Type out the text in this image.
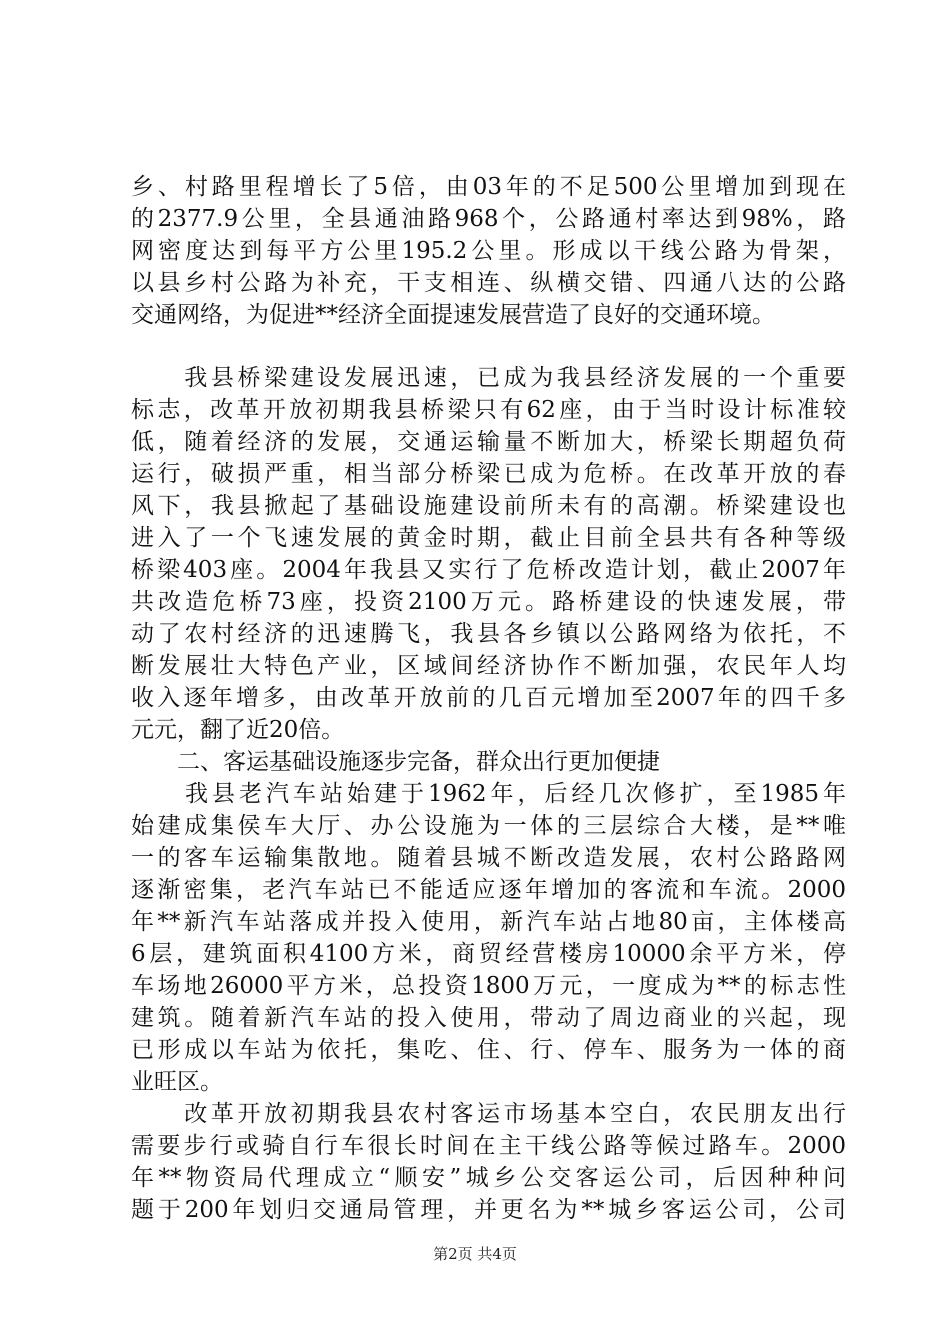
乡、村路里程增长了5倍，由03年的不足500公里增加到现在
的2377.9公里，全县通油路968个，公路通村率达到98%，路
网密度达到每平方公里195.2公里。形成以干线公路为骨架，
以县乡村公路为补充，干支相连、纵横交错、四通八达的公路
交通网络，为促进**经济全面提速发展营造了良好的交通环境。
　　我县桥梁建设发展迅速，已成为我县经济发展的一个重要
标志，改革开放初期我县桥梁只有62座，由于当时设计标准较
低，随着经济的发展，交通运输量不断加大，桥梁长期超负荷
运行，破损严重，相当部分桥梁已成为危桥。在改革开放的春
风下，我县掀起了基础设施建设前所未有的高潮。桥梁建设也
进入了一个飞速发展的黄金时期，截止目前全县共有各种等级
桥梁403座。2004年我县又实行了危桥改造计划，截止2007年
共改造危桥73座，投资2100万元。路桥建设的快速发展，带
动了农村经济的迅速腾飞，我县各乡镇以公路网络为依托，不
断发展壮大特色产业，区域间经济协作不断加强，农民年人均
收入逐年增多，由改革开放前的几百元增加至2007年的四千多
元元，翻了近20倍。
　　二、客运基础设施逐步完备，群众出行更加便捷
　　我县老汽车站始建于1962年，后经几次修扩，至1985年
始建成集侯车大厅、办公设施为一体的三层综合大楼，是**唯
一的客车运输集散地。随着县城不断改造发展，农村公路路网
逐渐密集，老汽车站已不能适应逐年增加的客流和车流。2000
年**新汽车站落成并投入使用，新汽车站占地80亩，主体楼高
6层，建筑面积4100方米，商贸经营楼房10000余平方米，停
车场地26000平方米，总投资1800万元，一度成为**的标志性
建筑。随着新汽车站的投入使用，带动了周边商业的兴起，现
已形成以车站为依托，集吃、住、行、停车、服务为一体的商
业旺区。
　　改革开放初期我县农村客运市场基本空白，农民朋友出行
需要步行或骑自行车很长时间在主干线公路等候过路车。2000
年**物资局代理成立“顺安”城乡公交客运公司，后因种种问
题于200年划归交通局管理，并更名为**城乡客运公司，公司
第2页 共4页
